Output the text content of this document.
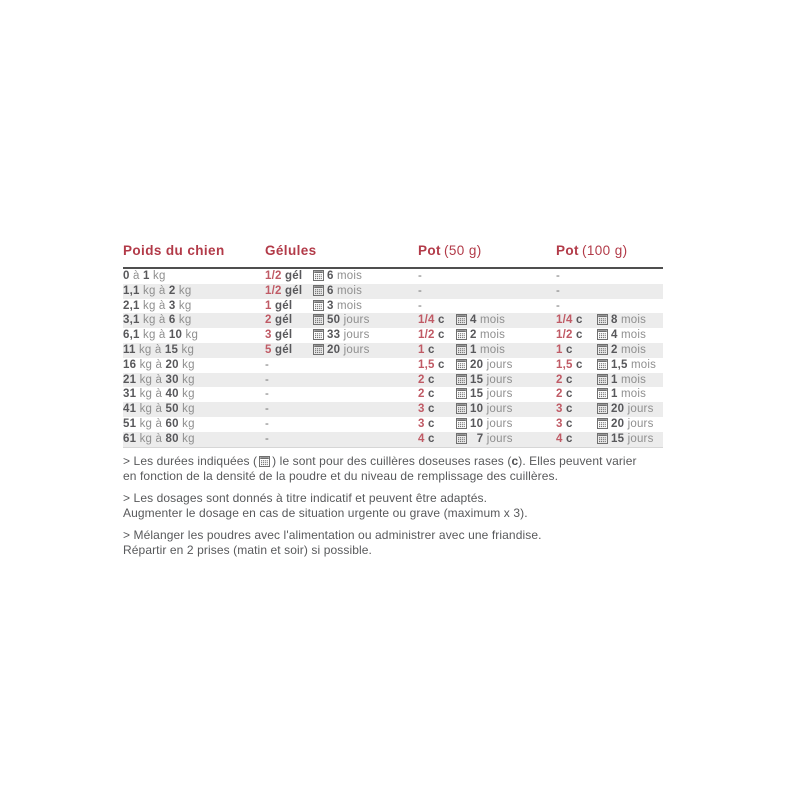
Poids du chien	Gélules	Pot (50 g)	Pot (100 g)
0 à 1 kg	1/2 gél 6 mois	-	-
1,1 kg à 2 kg	1/2 gél 6 mois	-	-
2,1 kg à 3 kg	1 gél 3 mois	-	-
3,1 kg à 6 kg	2 gél 50 jours	1/4 c 4 mois	1/4 c 8 mois
6,1 kg à 10 kg	3 gél 33 jours	1/2 c 2 mois	1/2 c 4 mois
11 kg à 15 kg	5 gél 20 jours	1 c 1 mois	1 c 2 mois
16 kg à 20 kg	-	1,5 c 20 jours	1,5 c 1,5 mois
21 kg à 30 kg	-	2 c 15 jours	2 c 1 mois
31 kg à 40 kg	-	2 c 15 jours	2 c 1 mois
41 kg à 50 kg	-	3 c 10 jours	3 c 20 jours
51 kg à 60 kg	-	3 c 10 jours	3 c 20 jours
61 kg à 80 kg	-	4 c 7 jours	4 c 15 jours
> Les durées indiquées ( ) le sont pour des cuillères doseuses rases (c). Elles peuvent varier
en fonction de la densité de la poudre et du niveau de remplissage des cuillères.
> Les dosages sont donnés à titre indicatif et peuvent être adaptés.
Augmenter le dosage en cas de situation urgente ou grave (maximum x 3).
> Mélanger les poudres avec l'alimentation ou administrer avec une friandise.
Répartir en 2 prises (matin et soir) si possible.
